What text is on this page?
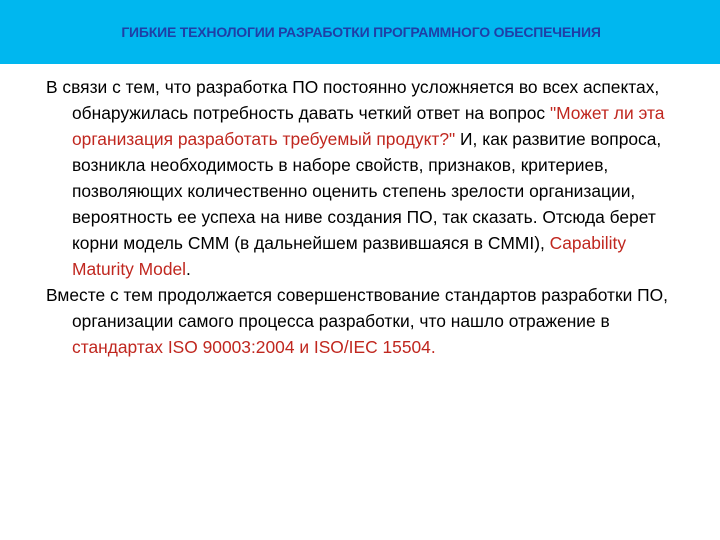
ГИБКИЕ ТЕХНОЛОГИИ РАЗРАБОТКИ ПРОГРАММНОГО ОБЕСПЕЧЕНИЯ

В связи с тем, что разработка ПО постоянно усложняется во всех аспектах, обнаружилась потребность давать четкий ответ на вопрос "Может ли эта организация разработать требуемый продукт?" И, как развитие вопроса, возникла необходимость в наборе свойств, признаков, критериев, позволяющих количественно оценить степень зрелости организации, вероятность ее успеха на ниве создания ПО, так сказать. Отсюда берет корни модель CMM (в дальнейшем развившаяся в CMMI), Capability Maturity Model.

Вместе с тем продолжается совершенствование стандартов разработки ПО, организации самого процесса разработки, что нашло отражение в стандартах ISO 90003:2004 и ISO/IEC 15504.
